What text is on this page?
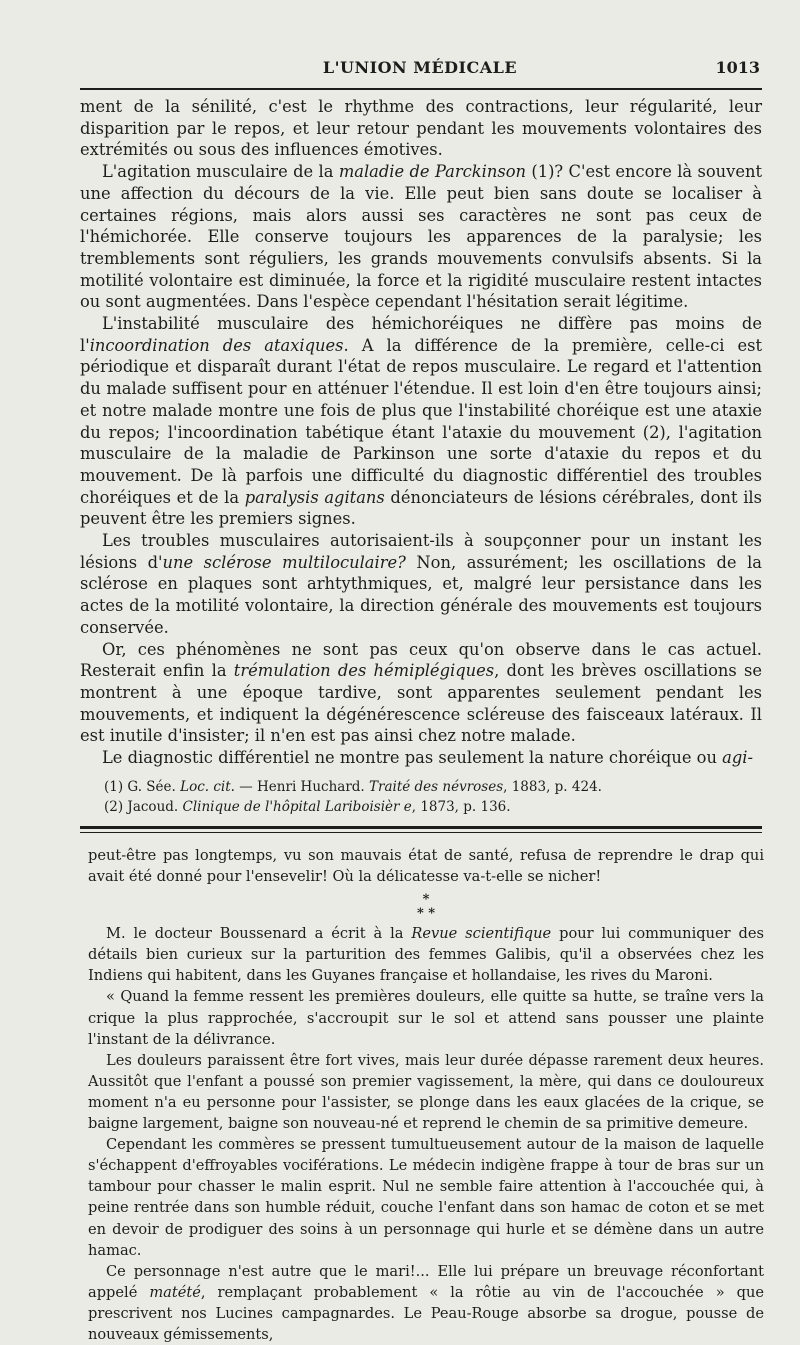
L'UNION MÉDICALE	1013

ment de la sénilité, c'est le rhythme des contractions, leur régularité, leur disparition par le repos, et leur retour pendant les mouvements volontaires des extrémités ou sous des influences émotives.

L'agitation musculaire de la maladie de Parckinson (1)? C'est encore là souvent une affection du décours de la vie. Elle peut bien sans doute se localiser à certaines régions, mais alors aussi ses caractères ne sont pas ceux de l'hémichorée. Elle conserve toujours les apparences de la paralysie; les tremblements sont réguliers, les grands mouvements convulsifs absents. Si la motilité volontaire est diminuée, la force et la rigidité musculaire restent intactes ou sont augmentées. Dans l'espèce cependant l'hésitation serait légitime.

L'instabilité musculaire des hémichoréiques ne diffère pas moins de l'incoordination des ataxiques. A la différence de la première, celle-ci est périodique et disparaît durant l'état de repos musculaire. Le regard et l'attention du malade suffisent pour en atténuer l'étendue. Il est loin d'en être toujours ainsi; et notre malade montre une fois de plus que l'instabilité choréique est une ataxie du repos; l'incoordination tabétique étant l'ataxie du mouvement (2), l'agitation musculaire de la maladie de Parkinson une sorte d'ataxie du repos et du mouvement. De là parfois une difficulté du diagnostic différentiel des troubles choréiques et de la paralysis agitans dénonciateurs de lésions cérébrales, dont ils peuvent être les premiers signes.

Les troubles musculaires autorisaient-ils à soupçonner pour un instant les lésions d'une sclérose multiloculaire? Non, assurément; les oscillations de la sclérose en plaques sont arhtythmiques, et, malgré leur persistance dans les actes de la motilité volontaire, la direction générale des mouvements est toujours conservée.

Or, ces phénomènes ne sont pas ceux qu'on observe dans le cas actuel. Resterait enfin la trémulation des hémiplégiques, dont les brèves oscillations se montrent à une époque tardive, sont apparentes seulement pendant les mouvements, et indiquent la dégénérescence scléreuse des faisceaux latéraux. Il est inutile d'insister; il n'en est pas ainsi chez notre malade.

Le diagnostic différentiel ne montre pas seulement la nature choréique ou agi-

(1) G. Sée. Loc. cit. — Henri Huchard. Traité des névroses, 1883, p. 424.
(2) Jacoud. Clinique de l'hôpital Lariboisièr e, 1873, p. 136.

peut-être pas longtemps, vu son mauvais état de santé, refusa de reprendre le drap qui avait été donné pour l'ensevelir! Où la délicatesse va-t-elle se nicher!

*
* *

M. le docteur Boussenard a écrit à la Revue scientifique pour lui communiquer des détails bien curieux sur la parturition des femmes Galibis, qu'il a observées chez les Indiens qui habitent, dans les Guyanes française et hollandaise, les rives du Maroni.

« Quand la femme ressent les premières douleurs, elle quitte sa hutte, se traîne vers la crique la plus rapprochée, s'accroupit sur le sol et attend sans pousser une plainte l'instant de la délivrance.

Les douleurs paraissent être fort vives, mais leur durée dépasse rarement deux heures. Aussitôt que l'enfant a poussé son premier vagissement, la mère, qui dans ce douloureux moment n'a eu personne pour l'assister, se plonge dans les eaux glacées de la crique, se baigne largement, baigne son nouveau-né et reprend le chemin de sa primitive demeure.

Cependant les commères se pressent tumultueusement autour de la maison de laquelle s'échappent d'effroyables vociférations. Le médecin indigène frappe à tour de bras sur un tambour pour chasser le malin esprit. Nul ne semble faire attention à l'accouchée qui, à peine rentrée dans son humble réduit, couche l'enfant dans son hamac de coton et se met en devoir de prodiguer des soins à un personnage qui hurle et se démène dans un autre hamac.

Ce personnage n'est autre que le mari!... Elle lui prépare un breuvage réconfortant appelé matété, remplaçant probablement « la rôtie au vin de l'accouchée » que prescrivent nos Lucines campagnardes. Le Peau-Rouge absorbe sa drogue, pousse de nouveaux gémissements,
